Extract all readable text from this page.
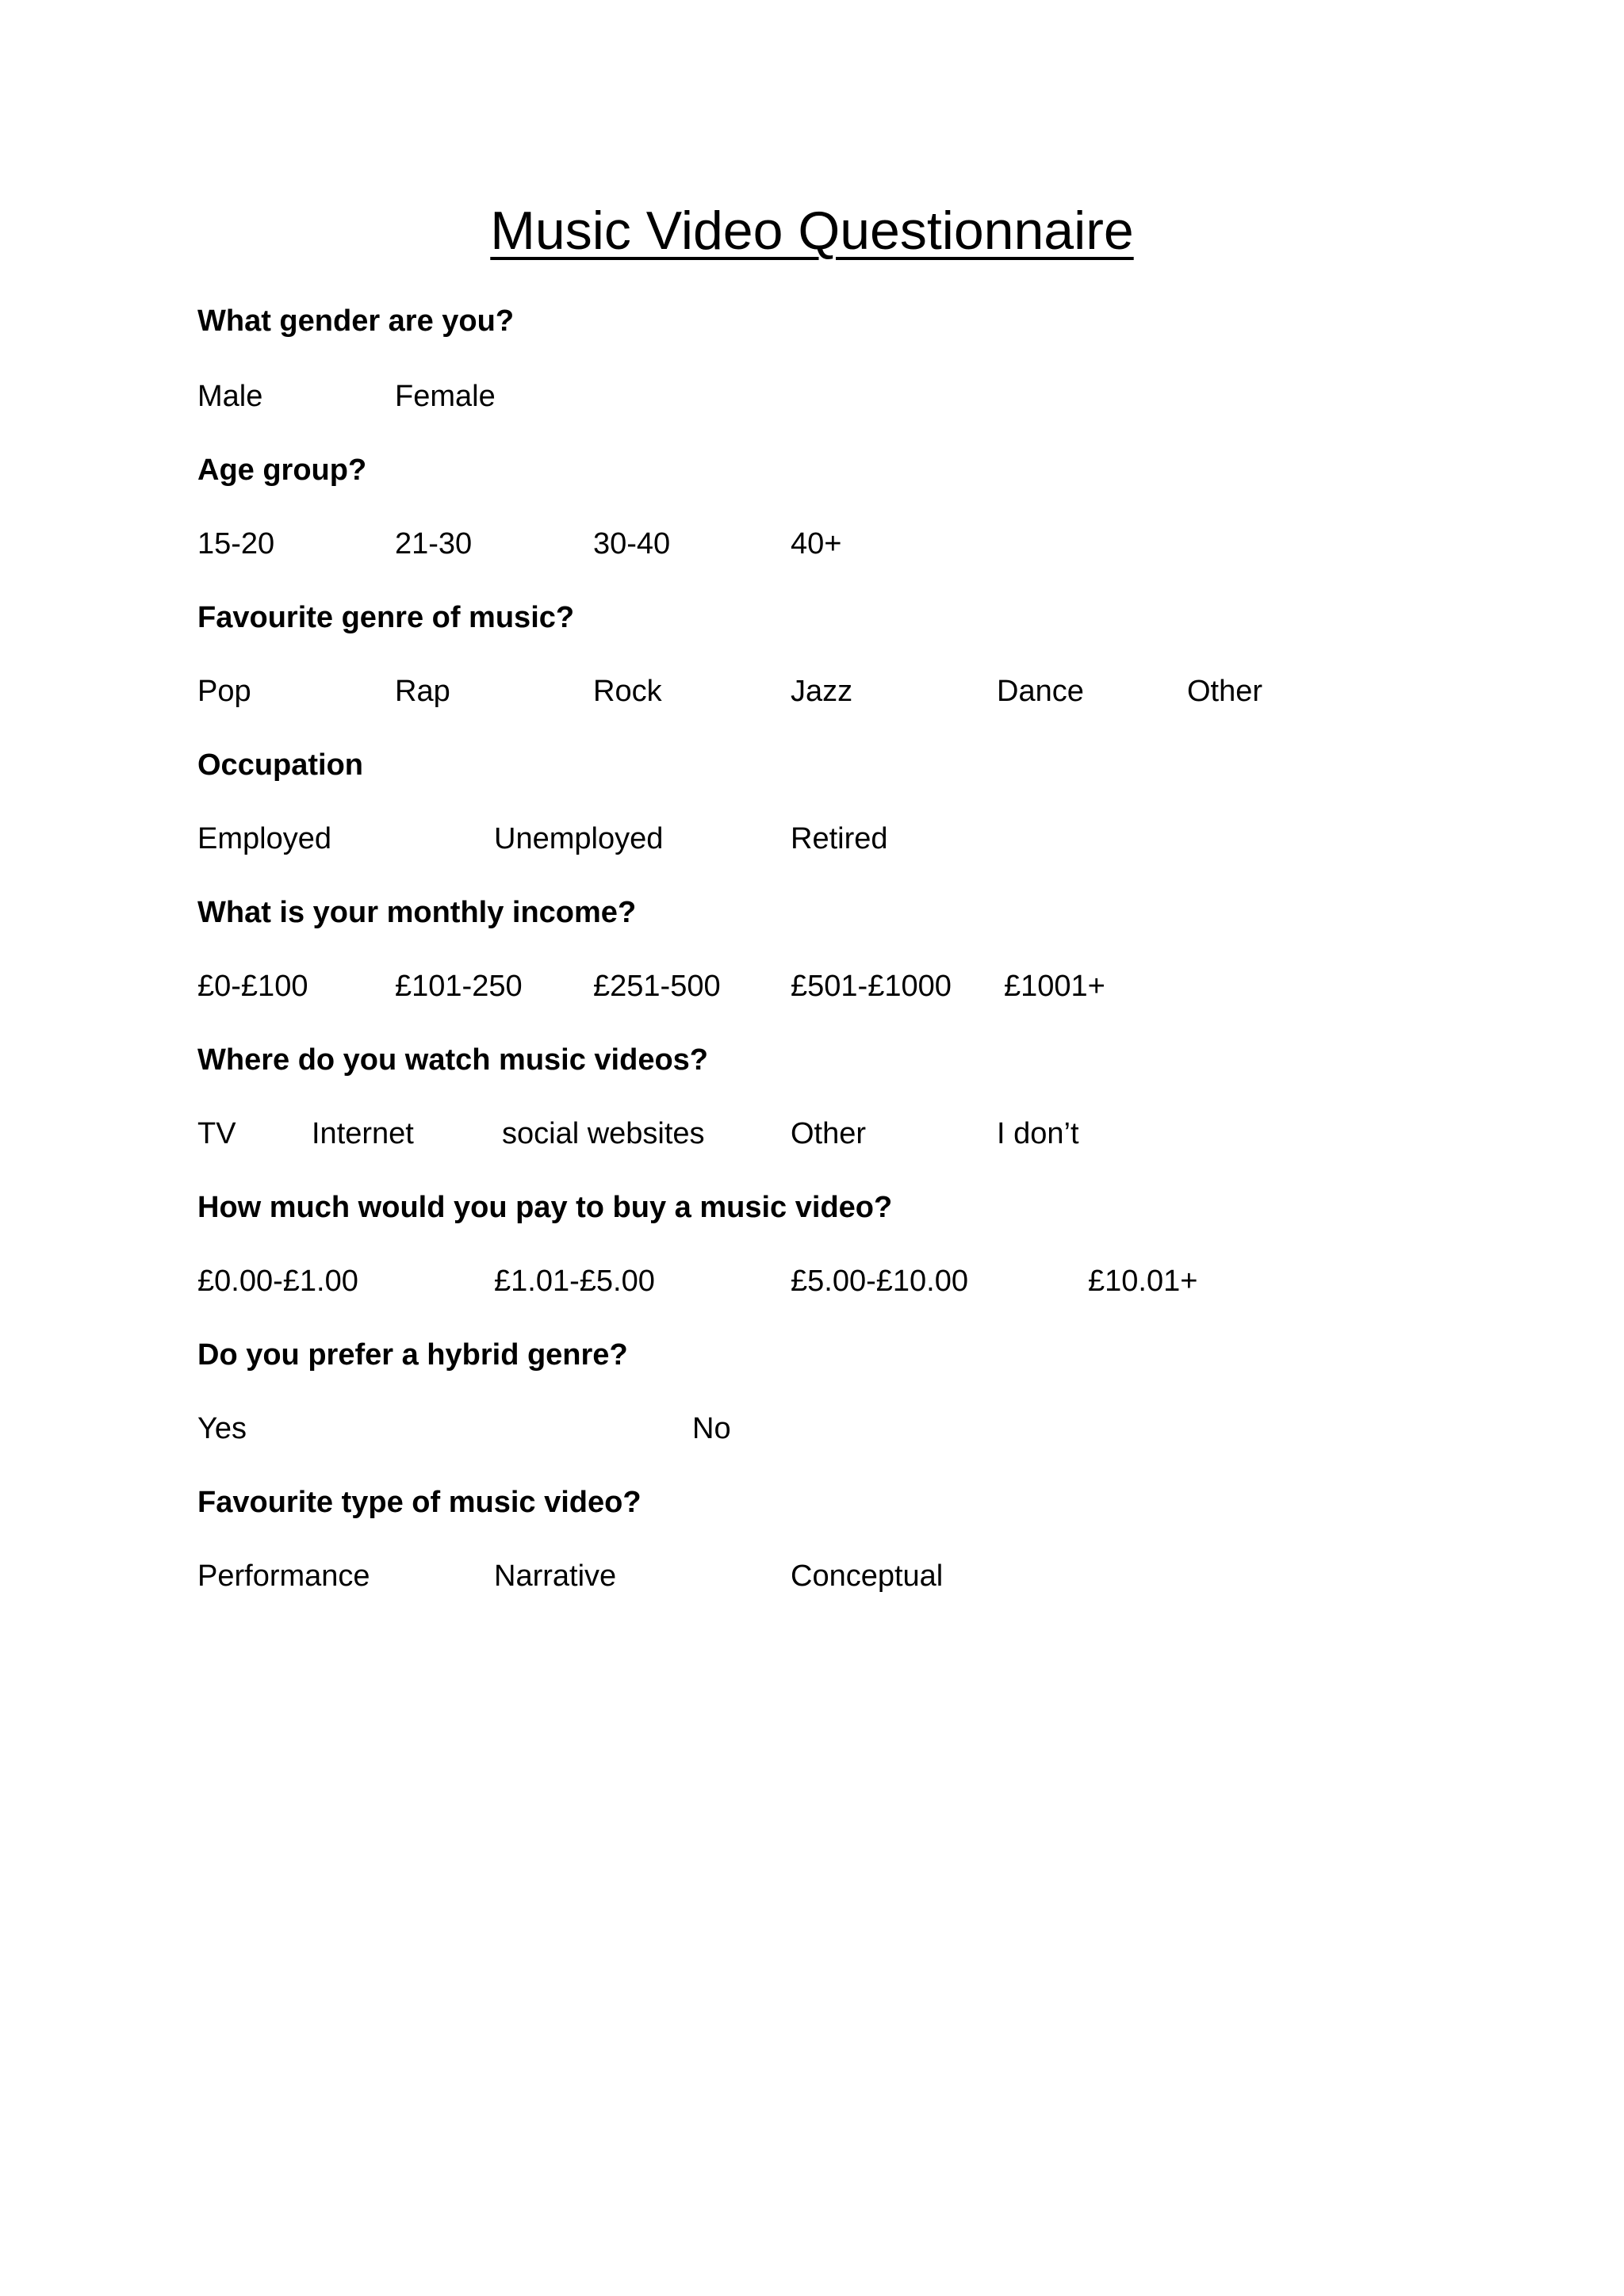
Music Video Questionnaire

What gender are you?

Male	Female

Age group?

15-20	21-30	30-40	40+

Favourite genre of music?

Pop	Rap	Rock	Jazz	Dance	Other

Occupation

Employed	Unemployed	Retired

What is your monthly income?

£0-£100	£101-250 £251-500 £501-£1000 £1001+

Where do you watch music videos?

TV	Internet	social websites	Other	I don’t

How much would you pay to buy a music video?

£0.00-£1.00	£1.01-£5.00	£5.00-£10.00	£10.01+

Do you prefer a hybrid genre?

Yes	No

Favourite type of music video?

Performance	Narrative	Conceptual
